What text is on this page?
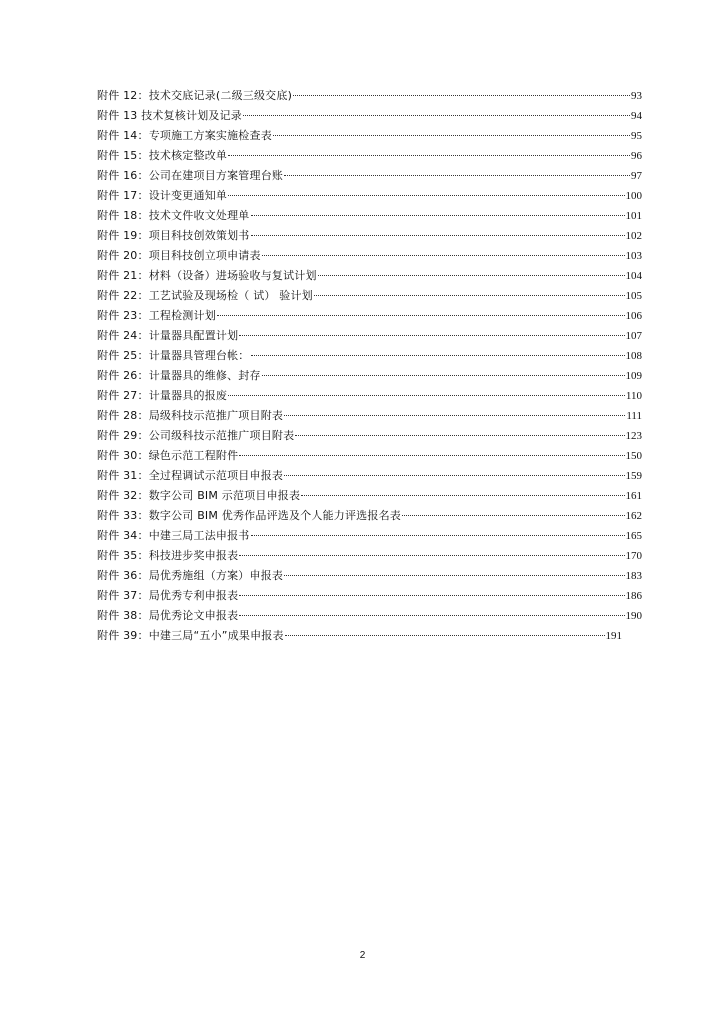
附件 12：技术交底记录(二级三级交底)	93
附件 13 技术复核计划及记录	94
附件 14：专项施工方案实施检查表	95
附件 15：技术核定整改单	96
附件 16：公司在建项目方案管理台账	97
附件 17：设计变更通知单	100
附件 18：技术文件收文处理单	101
附件 19：项目科技创效策划书	102
附件 20：项目科技创立项申请表	103
附件 21：材料（设备）进场验收与复试计划	104
附件 22：工艺试验及现场检（ 试） 验计划	105
附件 23：工程检测计划	106
附件 24：计量器具配置计划	107
附件 25：计量器具管理台帐：	108
附件 26：计量器具的维修、封存	109
附件 27：计量器具的报废	110
附件 28：局级科技示范推广项目附表	111
附件 29：公司级科技示范推广项目附表	123
附件 30：绿色示范工程附件	150
附件 31：全过程调试示范项目申报表	159
附件 32：数字公司 BIM 示范项目申报表	161
附件 33：数字公司 BIM 优秀作品评选及个人能力评选报名表	162
附件 34：中建三局工法申报书	165
附件 35：科技进步奖申报表	170
附件 36：局优秀施组（方案）申报表	183
附件 37：局优秀专利申报表	186
附件 38：局优秀论文申报表	190
附件 39：中建三局“五小”成果申报表	191
2
